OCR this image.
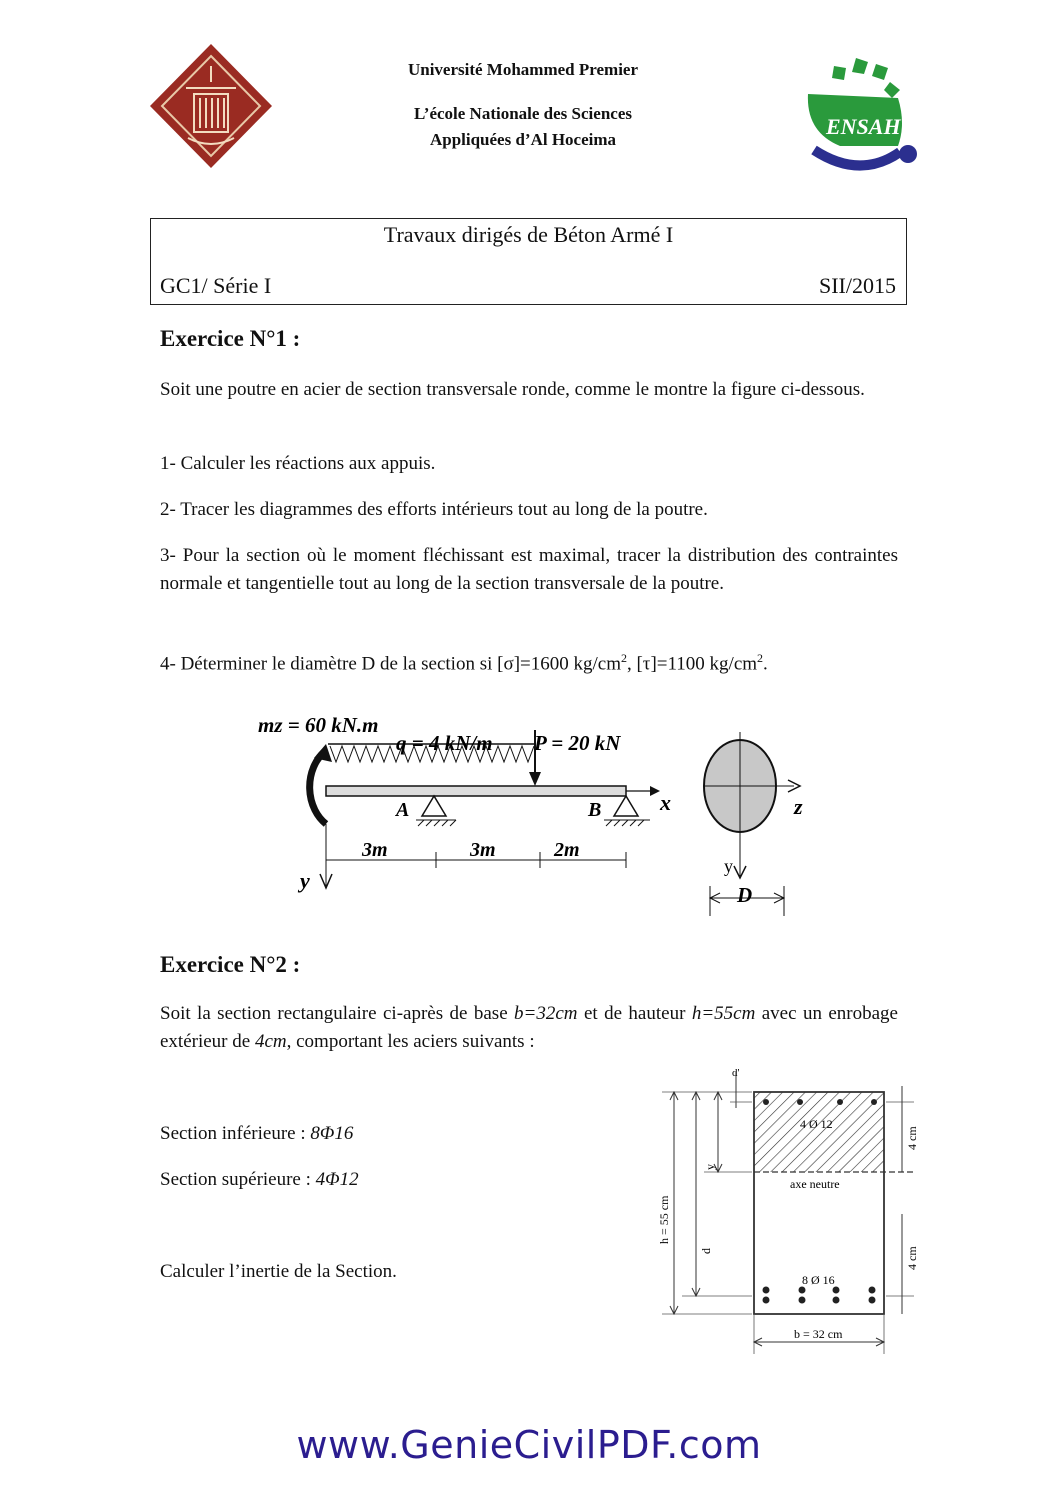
Université Mohammed Premier
L’école Nationale des Sciences
Appliquées d’Al Hoceima
ENSAH
Travaux dirigés de Béton Armé I
GC1/ Série I	SII/2015
Exercice N°1 :
Soit une poutre en acier de section transversale ronde, comme le montre la figure ci-dessous.
1- Calculer les réactions aux appuis.
2- Tracer les diagrammes des efforts intérieurs tout au long de la poutre.
3- Pour la section où le moment fléchissant est maximal, tracer la distribution des contraintes normale et tangentielle tout au long de la section transversale de la poutre.
4- Déterminer le diamètre D de la section si [σ]=1600 $kg/cm^2$, [τ]=1100 $kg/cm^2$.
mz = 60 kN.m
q = 4 kN/m P = 20 kN
A	B	x
y
3m	3m	2m
z
y
D
Exercice N°2 :
Soit la section rectangulaire ci-après de base b=32cm et de hauteur h=55cm avec un enrobage extérieur de 4cm, comportant les aciers suivants :
Section inférieure : 8Φ16
Section supérieure : 4Φ12
Calculer l’inertie de la Section.
d'
4 Ø 12
axe neutre
8 Ø 16
b = 32 cm
h = 55 cm
d
y
4 cm
4 cm
www.GenieCivilPDF.com
